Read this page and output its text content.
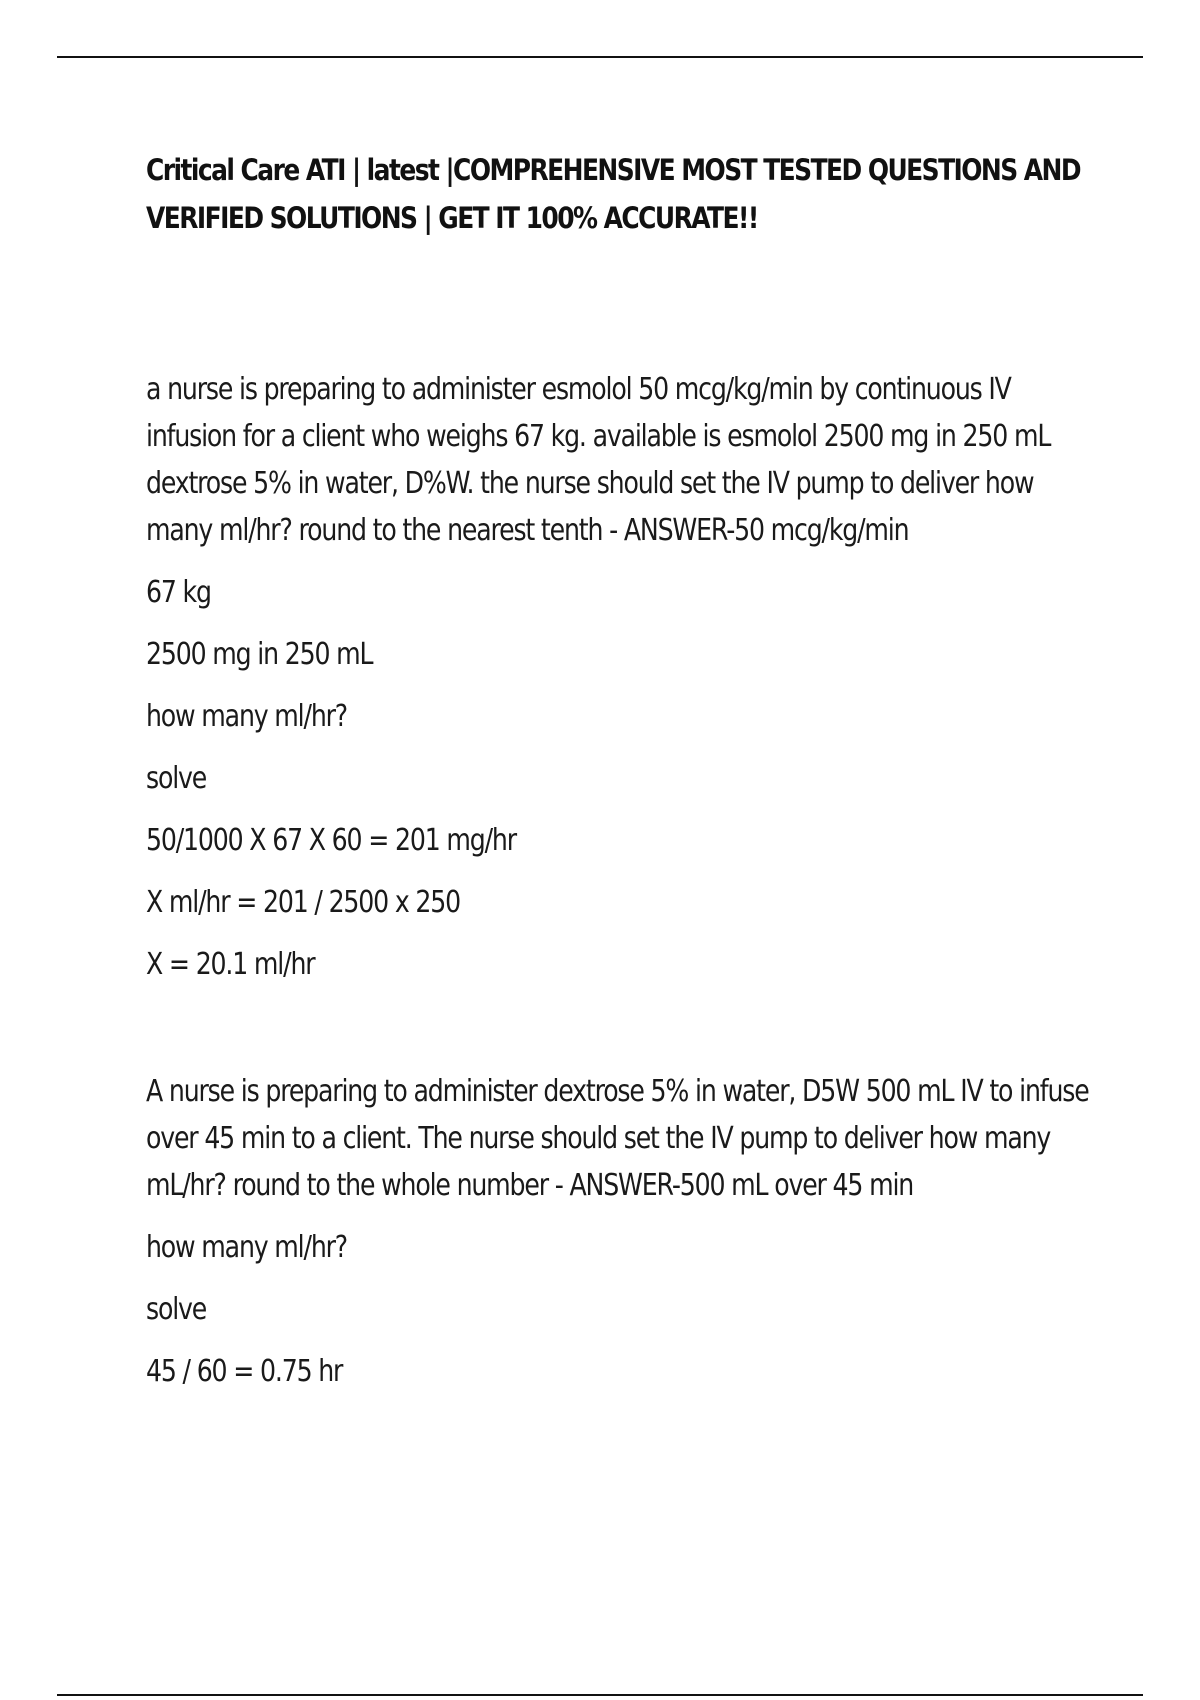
Critical Care ATI | latest |COMPREHENSIVE MOST TESTED QUESTIONS AND
VERIFIED SOLUTIONS | GET IT 100% ACCURATE!!

a nurse is preparing to administer esmolol 50 mcg/kg/min by continuous IV
infusion for a client who weighs 67 kg. available is esmolol 2500 mg in 250 mL
dextrose 5% in water, D%W. the nurse should set the IV pump to deliver how
many ml/hr? round to the nearest tenth - ANSWER-50 mcg/kg/min

67 kg

2500 mg in 250 mL

how many ml/hr?

solve

50/1000 X 67 X 60 = 201 mg/hr

X ml/hr = 201 / 2500 x 250

X = 20.1 ml/hr

A nurse is preparing to administer dextrose 5% in water, D5W 500 mL IV to infuse
over 45 min to a client. The nurse should set the IV pump to deliver how many
mL/hr? round to the whole number - ANSWER-500 mL over 45 min

how many ml/hr?

solve

45 / 60 = 0.75 hr
